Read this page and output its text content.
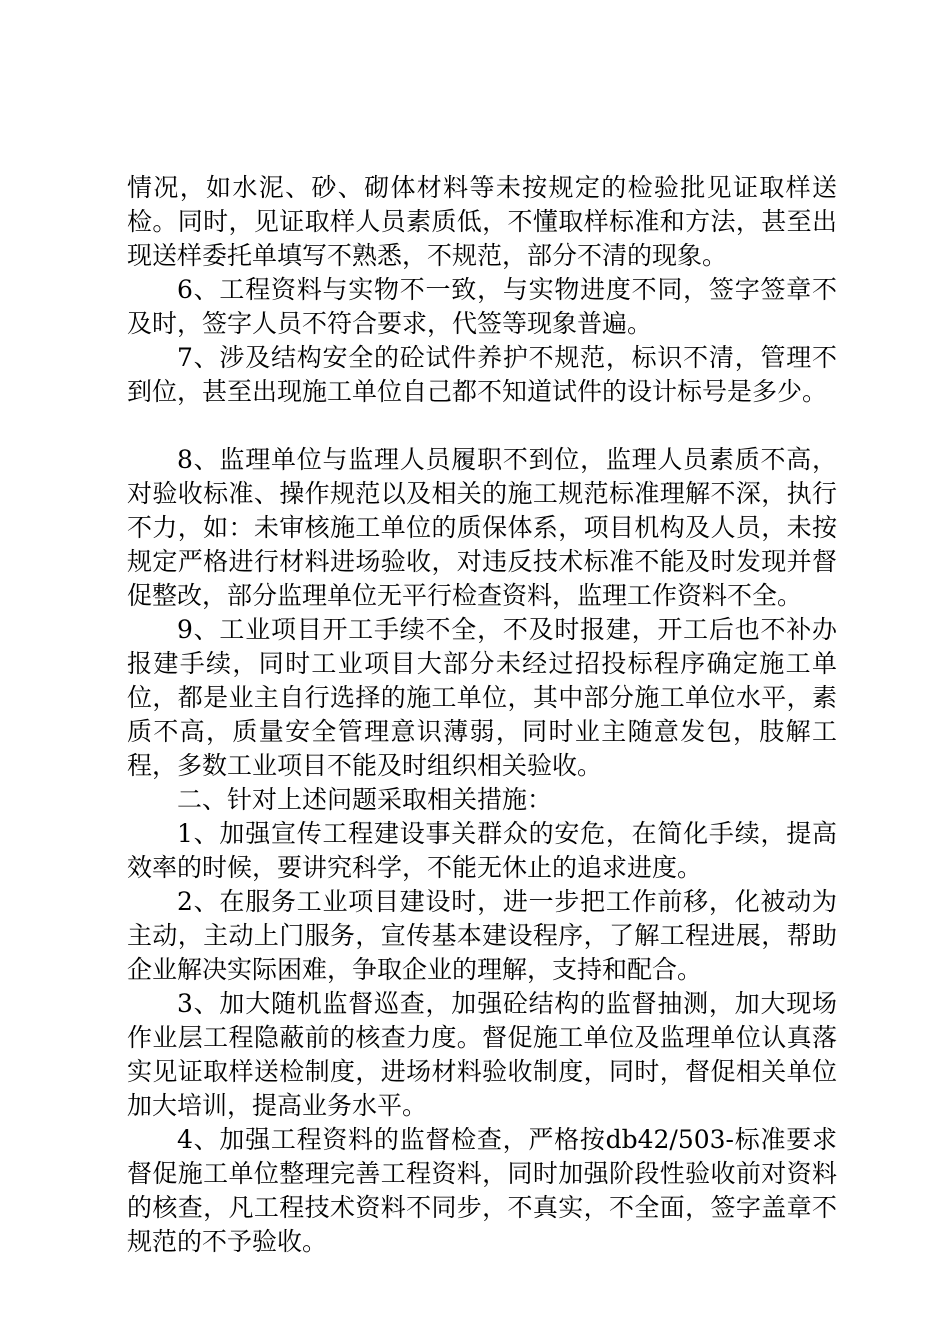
情况，如水泥、砂、砌体材料等未按规定的检验批见证取样送检。同时，见证取样人员素质低，不懂取样标准和方法，甚至出现送样委托单填写不熟悉，不规范，部分不清的现象。

6、工程资料与实物不一致，与实物进度不同，签字签章不及时，签字人员不符合要求，代签等现象普遍。

7、涉及结构安全的砼试件养护不规范，标识不清，管理不到位，甚至出现施工单位自己都不知道试件的设计标号是多少。

8、监理单位与监理人员履职不到位，监理人员素质不高，对验收标准、操作规范以及相关的施工规范标准理解不深，执行不力，如：未审核施工单位的质保体系，项目机构及人员，未按规定严格进行材料进场验收，对违反技术标准不能及时发现并督促整改，部分监理单位无平行检查资料，监理工作资料不全。

9、工业项目开工手续不全，不及时报建，开工后也不补办报建手续，同时工业项目大部分未经过招投标程序确定施工单位，都是业主自行选择的施工单位，其中部分施工单位水平，素质不高，质量安全管理意识薄弱，同时业主随意发包，肢解工程，多数工业项目不能及时组织相关验收。

二、针对上述问题采取相关措施：

1、加强宣传工程建设事关群众的安危，在简化手续，提高效率的时候，要讲究科学，不能无休止的追求进度。

2、在服务工业项目建设时，进一步把工作前移，化被动为主动，主动上门服务，宣传基本建设程序，了解工程进展，帮助企业解决实际困难，争取企业的理解，支持和配合。

3、加大随机监督巡查，加强砼结构的监督抽测，加大现场作业层工程隐蔽前的核查力度。督促施工单位及监理单位认真落实见证取样送检制度，进场材料验收制度，同时，督促相关单位加大培训，提高业务水平。

4、加强工程资料的监督检查，严格按db42/503-标准要求督促施工单位整理完善工程资料，同时加强阶段性验收前对资料的核查，凡工程技术资料不同步，不真实，不全面，签字盖章不规范的不予验收。
